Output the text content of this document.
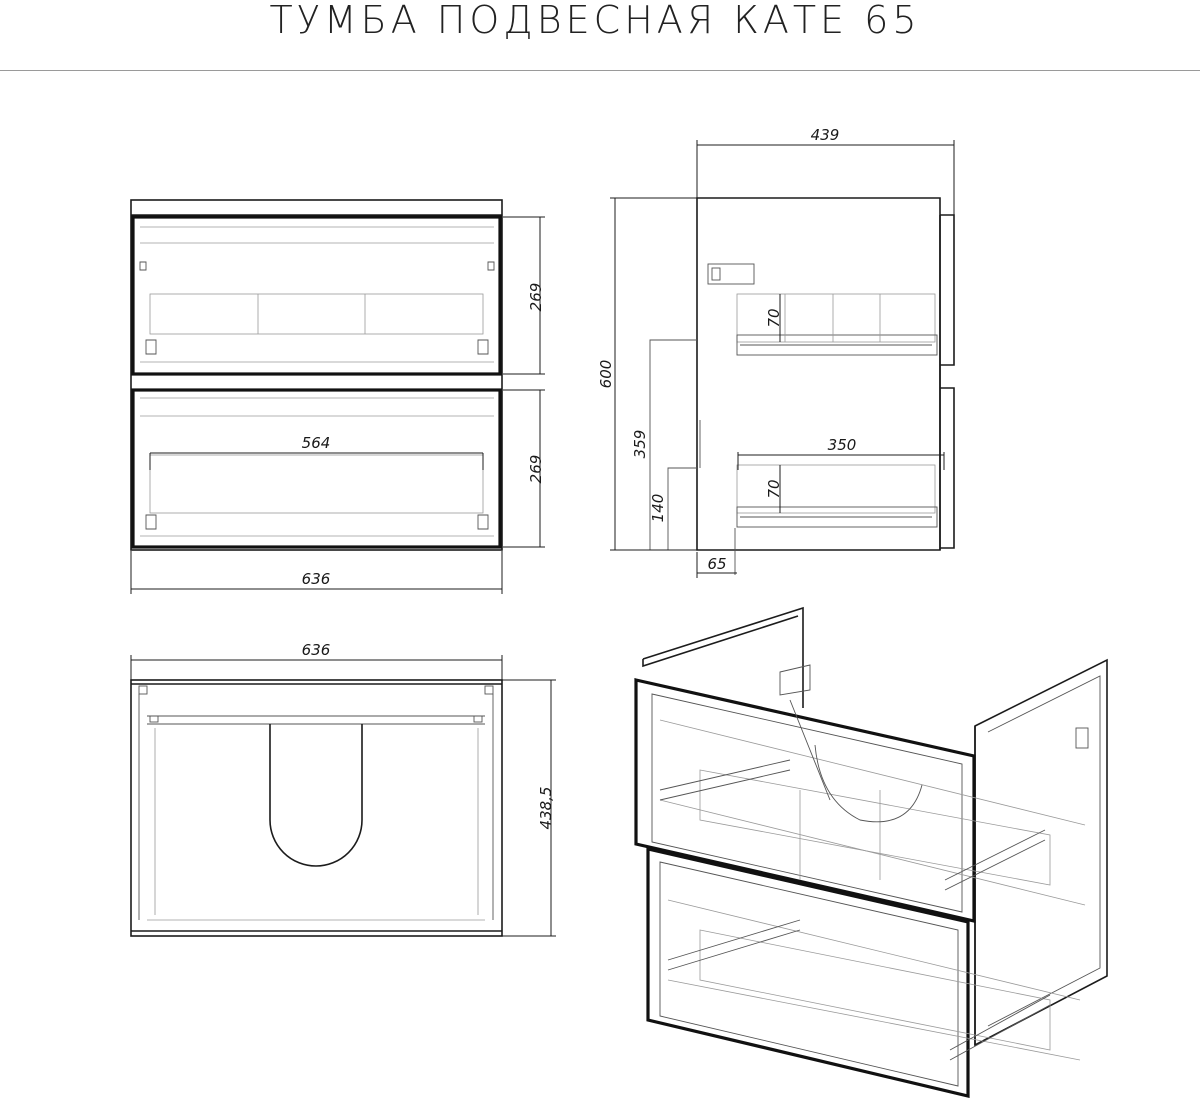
ТУМБА ПОДВЕСНАЯ КАТЕ 65
269
269
564
636
439
600
359
140
70
70
350
65
636
438,5
